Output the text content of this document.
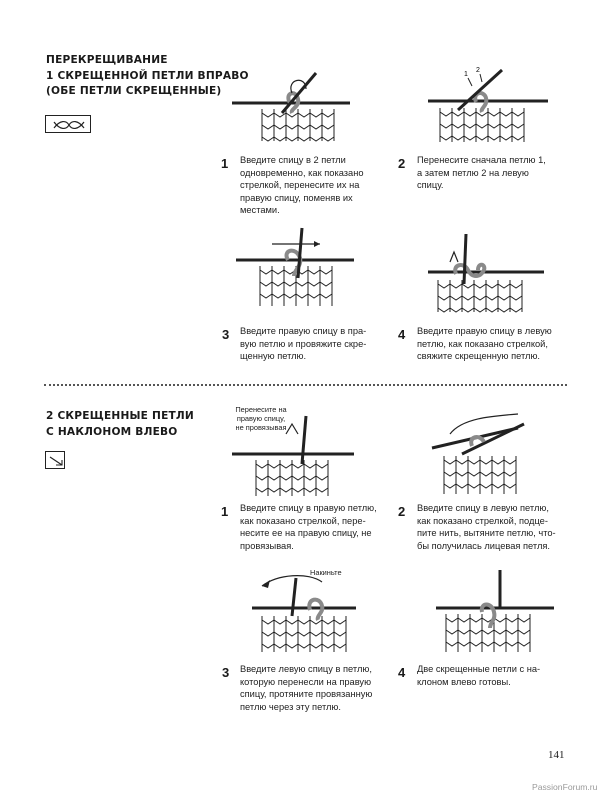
ПЕРЕКРЕЩИВАНИЕ
1 СКРЕЩЕННОЙ ПЕТЛИ ВПРАВО
(ОБЕ ПЕТЛИ СКРЕЩЕННЫЕ)
1
2
1 Введите спицу в 2 петли
одновременно, как показано
стрелкой, перенесите их на
правую спицу, поменяв их
местами.
2 Перенесите сначала петлю 1,
а затем петлю 2 на левую
спицу.
3 Введите правую спицу в пра-
вую петлю и провяжите скре-
щенную петлю.
4 Введите правую спицу в левую
петлю, как показано стрелкой,
свяжите скрещенную петлю.
2 СКРЕЩЕННЫЕ ПЕТЛИ
С НАКЛОНОМ ВЛЕВО
Перенесите на
правую спицу,
не провязывая
1 Введите спицу в правую петлю,
как показано стрелкой, пере-
несите ее на правую спицу, не
провязывая.
2 Введите спицу в левую петлю,
как показано стрелкой, подце-
пите нить, вытяните петлю, что-
бы получилась лицевая петля.
Накиньте
3 Введите левую спицу в петлю,
которую перенесли на правую
спицу, протяните провязанную
петлю через эту петлю.
4 Две скрещенные петли с на-
клоном влево готовы.
141
PassionForum.ru
